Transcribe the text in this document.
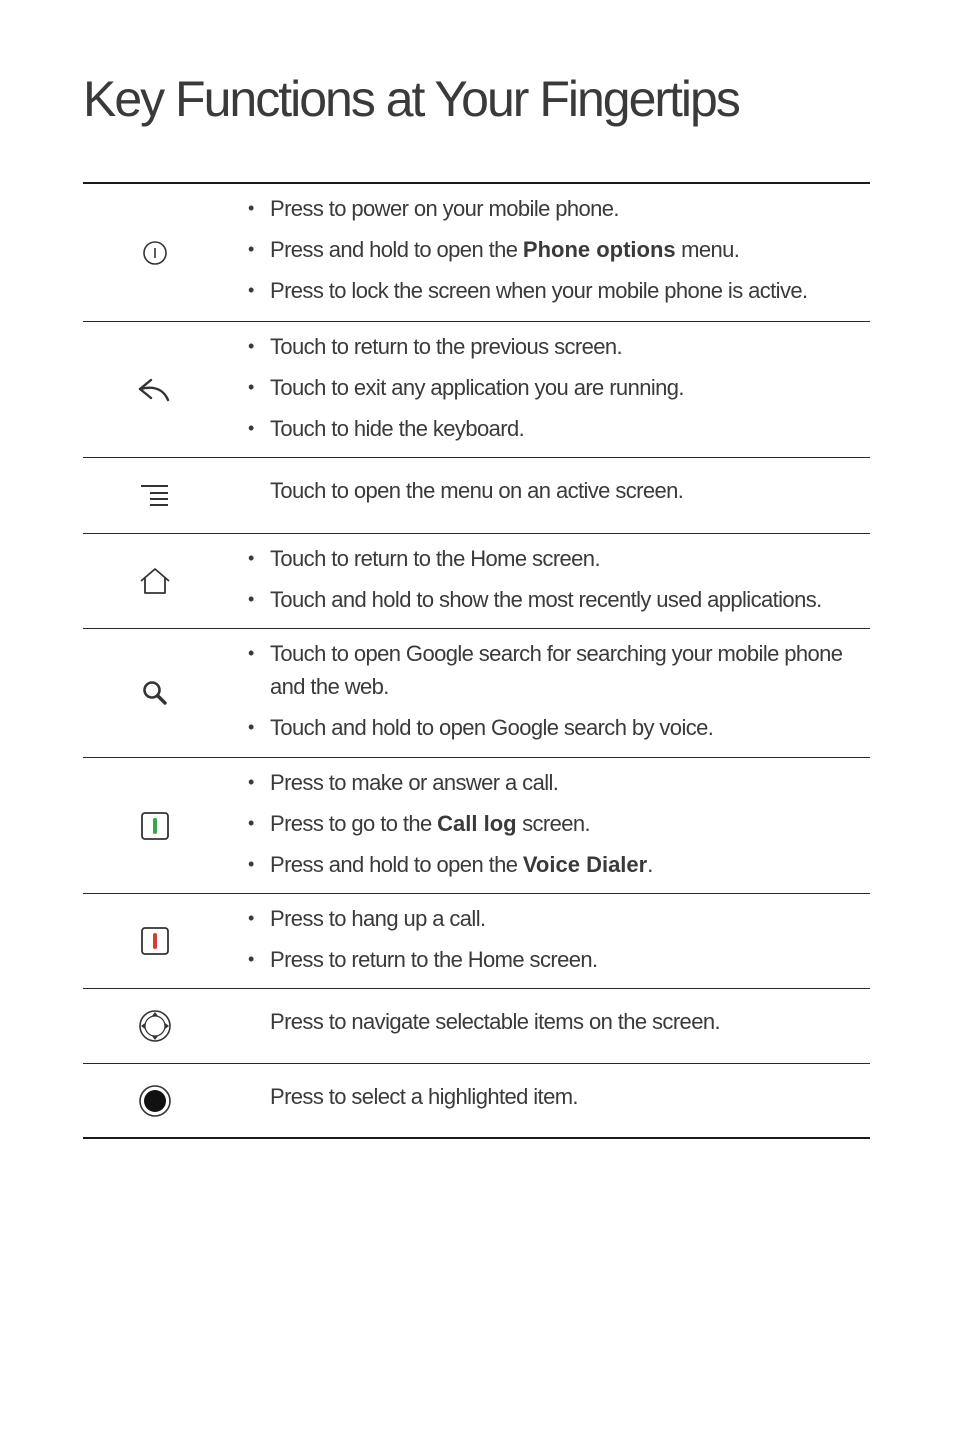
Key Functions at Your Fingertips
• Press to power on your mobile phone.
• Press and hold to open the Phone options menu.
• Press to lock the screen when your mobile phone is active.
• Touch to return to the previous screen.
• Touch to exit any application you are running.
• Touch to hide the keyboard.
Touch to open the menu on an active screen.
• Touch to return to the Home screen.
• Touch and hold to show the most recently used applications.
• Touch to open Google search for searching your mobile phone and the web.
• Touch and hold to open Google search by voice.
• Press to make or answer a call.
• Press to go to the Call log screen.
• Press and hold to open the Voice Dialer.
• Press to hang up a call.
• Press to return to the Home screen.
Press to navigate selectable items on the screen.
Press to select a highlighted item.
